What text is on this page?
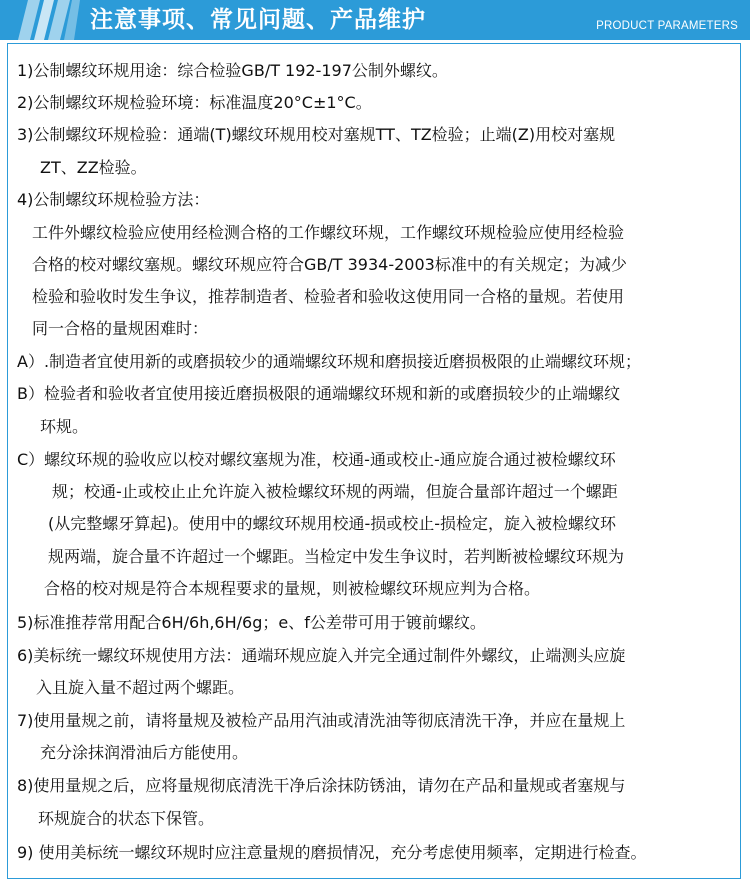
注意事项、常见问题、产品维护	PRODUCT PARAMETERS
1)公制螺纹环规用途：综合检验GB/T 192-197公制外螺纹。
2)公制螺纹环规检验环境：标准温度20°C±1°C。
3)公制螺纹环规检验：通端(T)螺纹环规用校对塞规TT、TZ检验；止端(Z)用校对塞规
ZT、ZZ检验。
4)公制螺纹环规检验方法：
工件外螺纹检验应使用经检测合格的工作螺纹环规，工作螺纹环规检验应使用经检验
合格的校对螺纹塞规。螺纹环规应符合GB/T 3934-2003标准中的有关规定；为减少
检验和验收时发生争议，推荐制造者、检验者和验收这使用同一合格的量规。若使用
同一合格的量规困难时：
A）.制造者宜使用新的或磨损较少的通端螺纹环规和磨损接近磨损极限的止端螺纹环规；
B）检验者和验收者宜使用接近磨损极限的通端螺纹环规和新的或磨损较少的止端螺纹
环规。
C）螺纹环规的验收应以校对螺纹塞规为准，校通-通或校止-通应旋合通过被检螺纹环
规；校通-止或校止止允许旋入被检螺纹环规的两端，但旋合量部许超过一个螺距
(从完整螺牙算起)。使用中的螺纹环规用校通-损或校止-损检定，旋入被检螺纹环
规两端，旋合量不许超过一个螺距。当检定中发生争议时，若判断被检螺纹环规为
合格的校对规是符合本规程要求的量规，则被检螺纹环规应判为合格。
5)标准推荐常用配合6H/6h,6H/6g；e、f公差带可用于镀前螺纹。
6)美标统一螺纹环规使用方法：通端环规应旋入并完全通过制件外螺纹，止端测头应旋
入且旋入量不超过两个螺距。
7)使用量规之前，请将量规及被检产品用汽油或清洗油等彻底清洗干净，并应在量规上
充分涂抹润滑油后方能使用。
8)使用量规之后，应将量规彻底清洗干净后涂抹防锈油，请勿在产品和量规或者塞规与
环规旋合的状态下保管。
9) 使用美标统一螺纹环规时应注意量规的磨损情况，充分考虑使用频率，定期进行检查。
